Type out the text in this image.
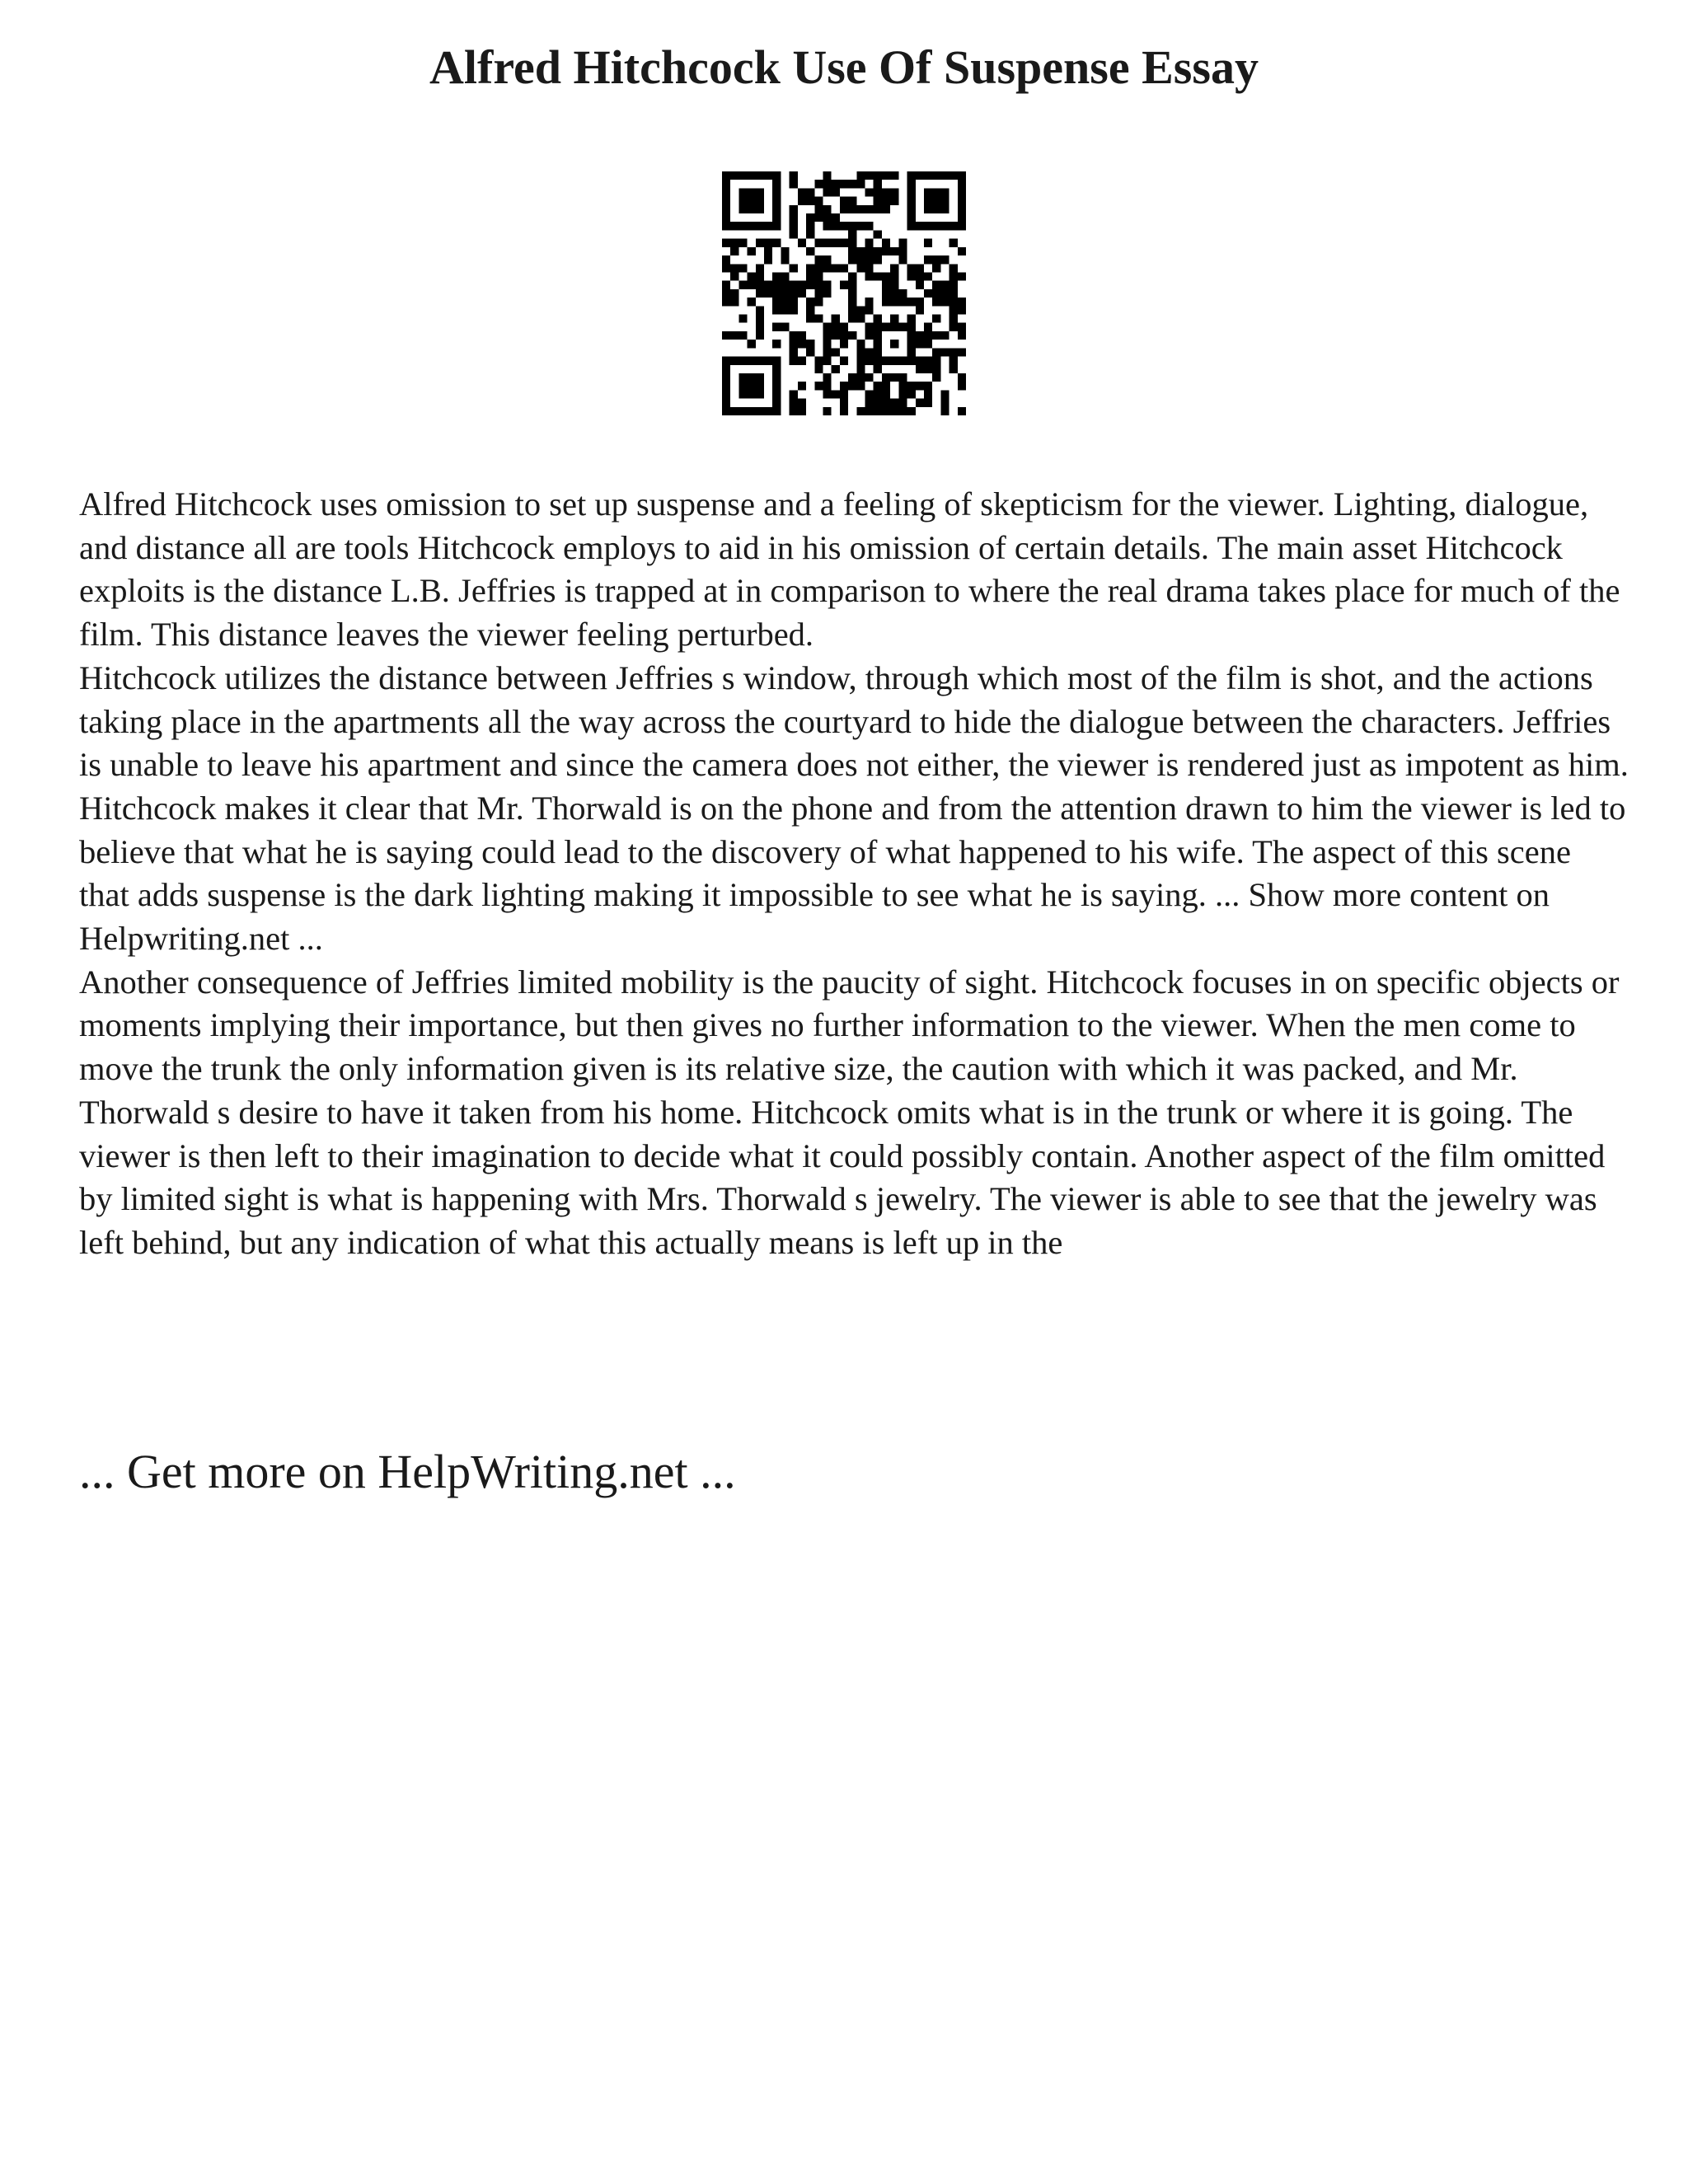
Alfred Hitchcock Use Of Suspense Essay

Alfred Hitchcock uses omission to set up suspense and a feeling of skepticism for the viewer. Lighting, dialogue, and distance all are tools Hitchcock employs to aid in his omission of certain details. The main asset Hitchcock exploits is the distance L.B. Jeffries is trapped at in comparison to where the real drama takes place for much of the film. This distance leaves the viewer feeling perturbed.

Hitchcock utilizes the distance between Jeffries s window, through which most of the film is shot, and the actions taking place in the apartments all the way across the courtyard to hide the dialogue between the characters. Jeffries is unable to leave his apartment and since the camera does not either, the viewer is rendered just as impotent as him. Hitchcock makes it clear that Mr. Thorwald is on the phone and from the attention drawn to him the viewer is led to believe that what he is saying could lead to the discovery of what happened to his wife. The aspect of this scene that adds suspense is the dark lighting making it impossible to see what he is saying. ... Show more content on Helpwriting.net ...

Another consequence of Jeffries limited mobility is the paucity of sight. Hitchcock focuses in on specific objects or moments implying their importance, but then gives no further information to the viewer. When the men come to move the trunk the only information given is its relative size, the caution with which it was packed, and Mr. Thorwald s desire to have it taken from his home. Hitchcock omits what is in the trunk or where it is going. The viewer is then left to their imagination to decide what it could possibly contain. Another aspect of the film omitted by limited sight is what is happening with Mrs. Thorwald s jewelry. The viewer is able to see that the jewelry was left behind, but any indication of what this actually means is left up in the

... Get more on HelpWriting.net ...
